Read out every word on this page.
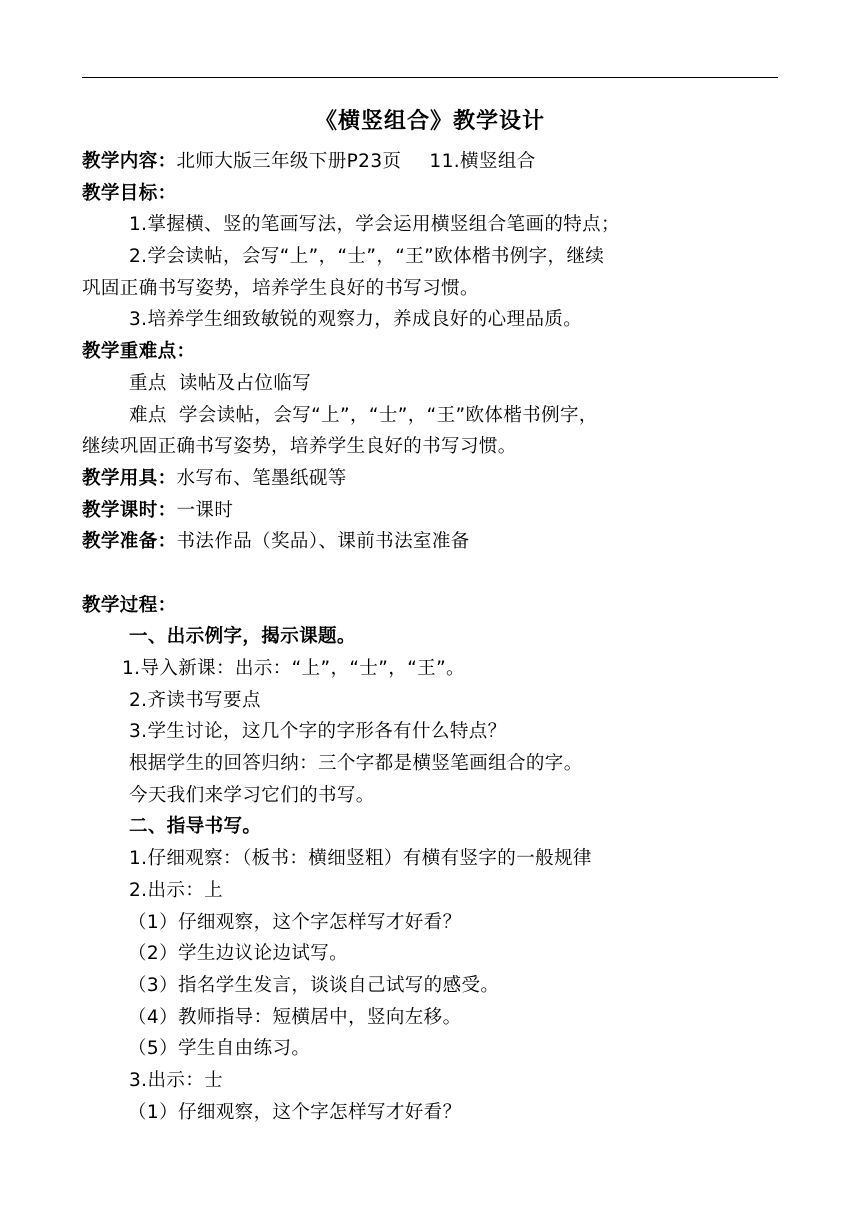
《横竖组合》教学设计
教学内容：北师大版三年级下册P23页 11.横竖组合
教学目标：
1.掌握横、竖的笔画写法，学会运用横竖组合笔画的特点；
2.学会读帖，会写“上”，“士”，“王”欧体楷书例字，继续
巩固正确书写姿势，培养学生良好的书写习惯。
3.培养学生细致敏锐的观察力，养成良好的心理品质。
教学重难点：
重点 读帖及占位临写
难点 学会读帖，会写“上”，“士”，“王”欧体楷书例字，
继续巩固正确书写姿势，培养学生良好的书写习惯。
教学用具：水写布、笔墨纸砚等
教学课时：一课时
教学准备：书法作品（奖品）、课前书法室准备
教学过程：
一、出示例字，揭示课题。
1.导入新课：出示：“上”，“士”，“王”。
2.齐读书写要点
3.学生讨论，这几个字的字形各有什么特点？
根据学生的回答归纳：三个字都是横竖笔画组合的字。
今天我们来学习它们的书写。
二、指导书写。
1.仔细观察：（板书：横细竖粗）有横有竖字的一般规律
2.出示：上
（1）仔细观察，这个字怎样写才好看？
（2）学生边议论边试写。
（3）指名学生发言，谈谈自己试写的感受。
（4）教师指导：短横居中，竖向左移。
（5）学生自由练习。
3.出示：士
（1）仔细观察，这个字怎样写才好看？
